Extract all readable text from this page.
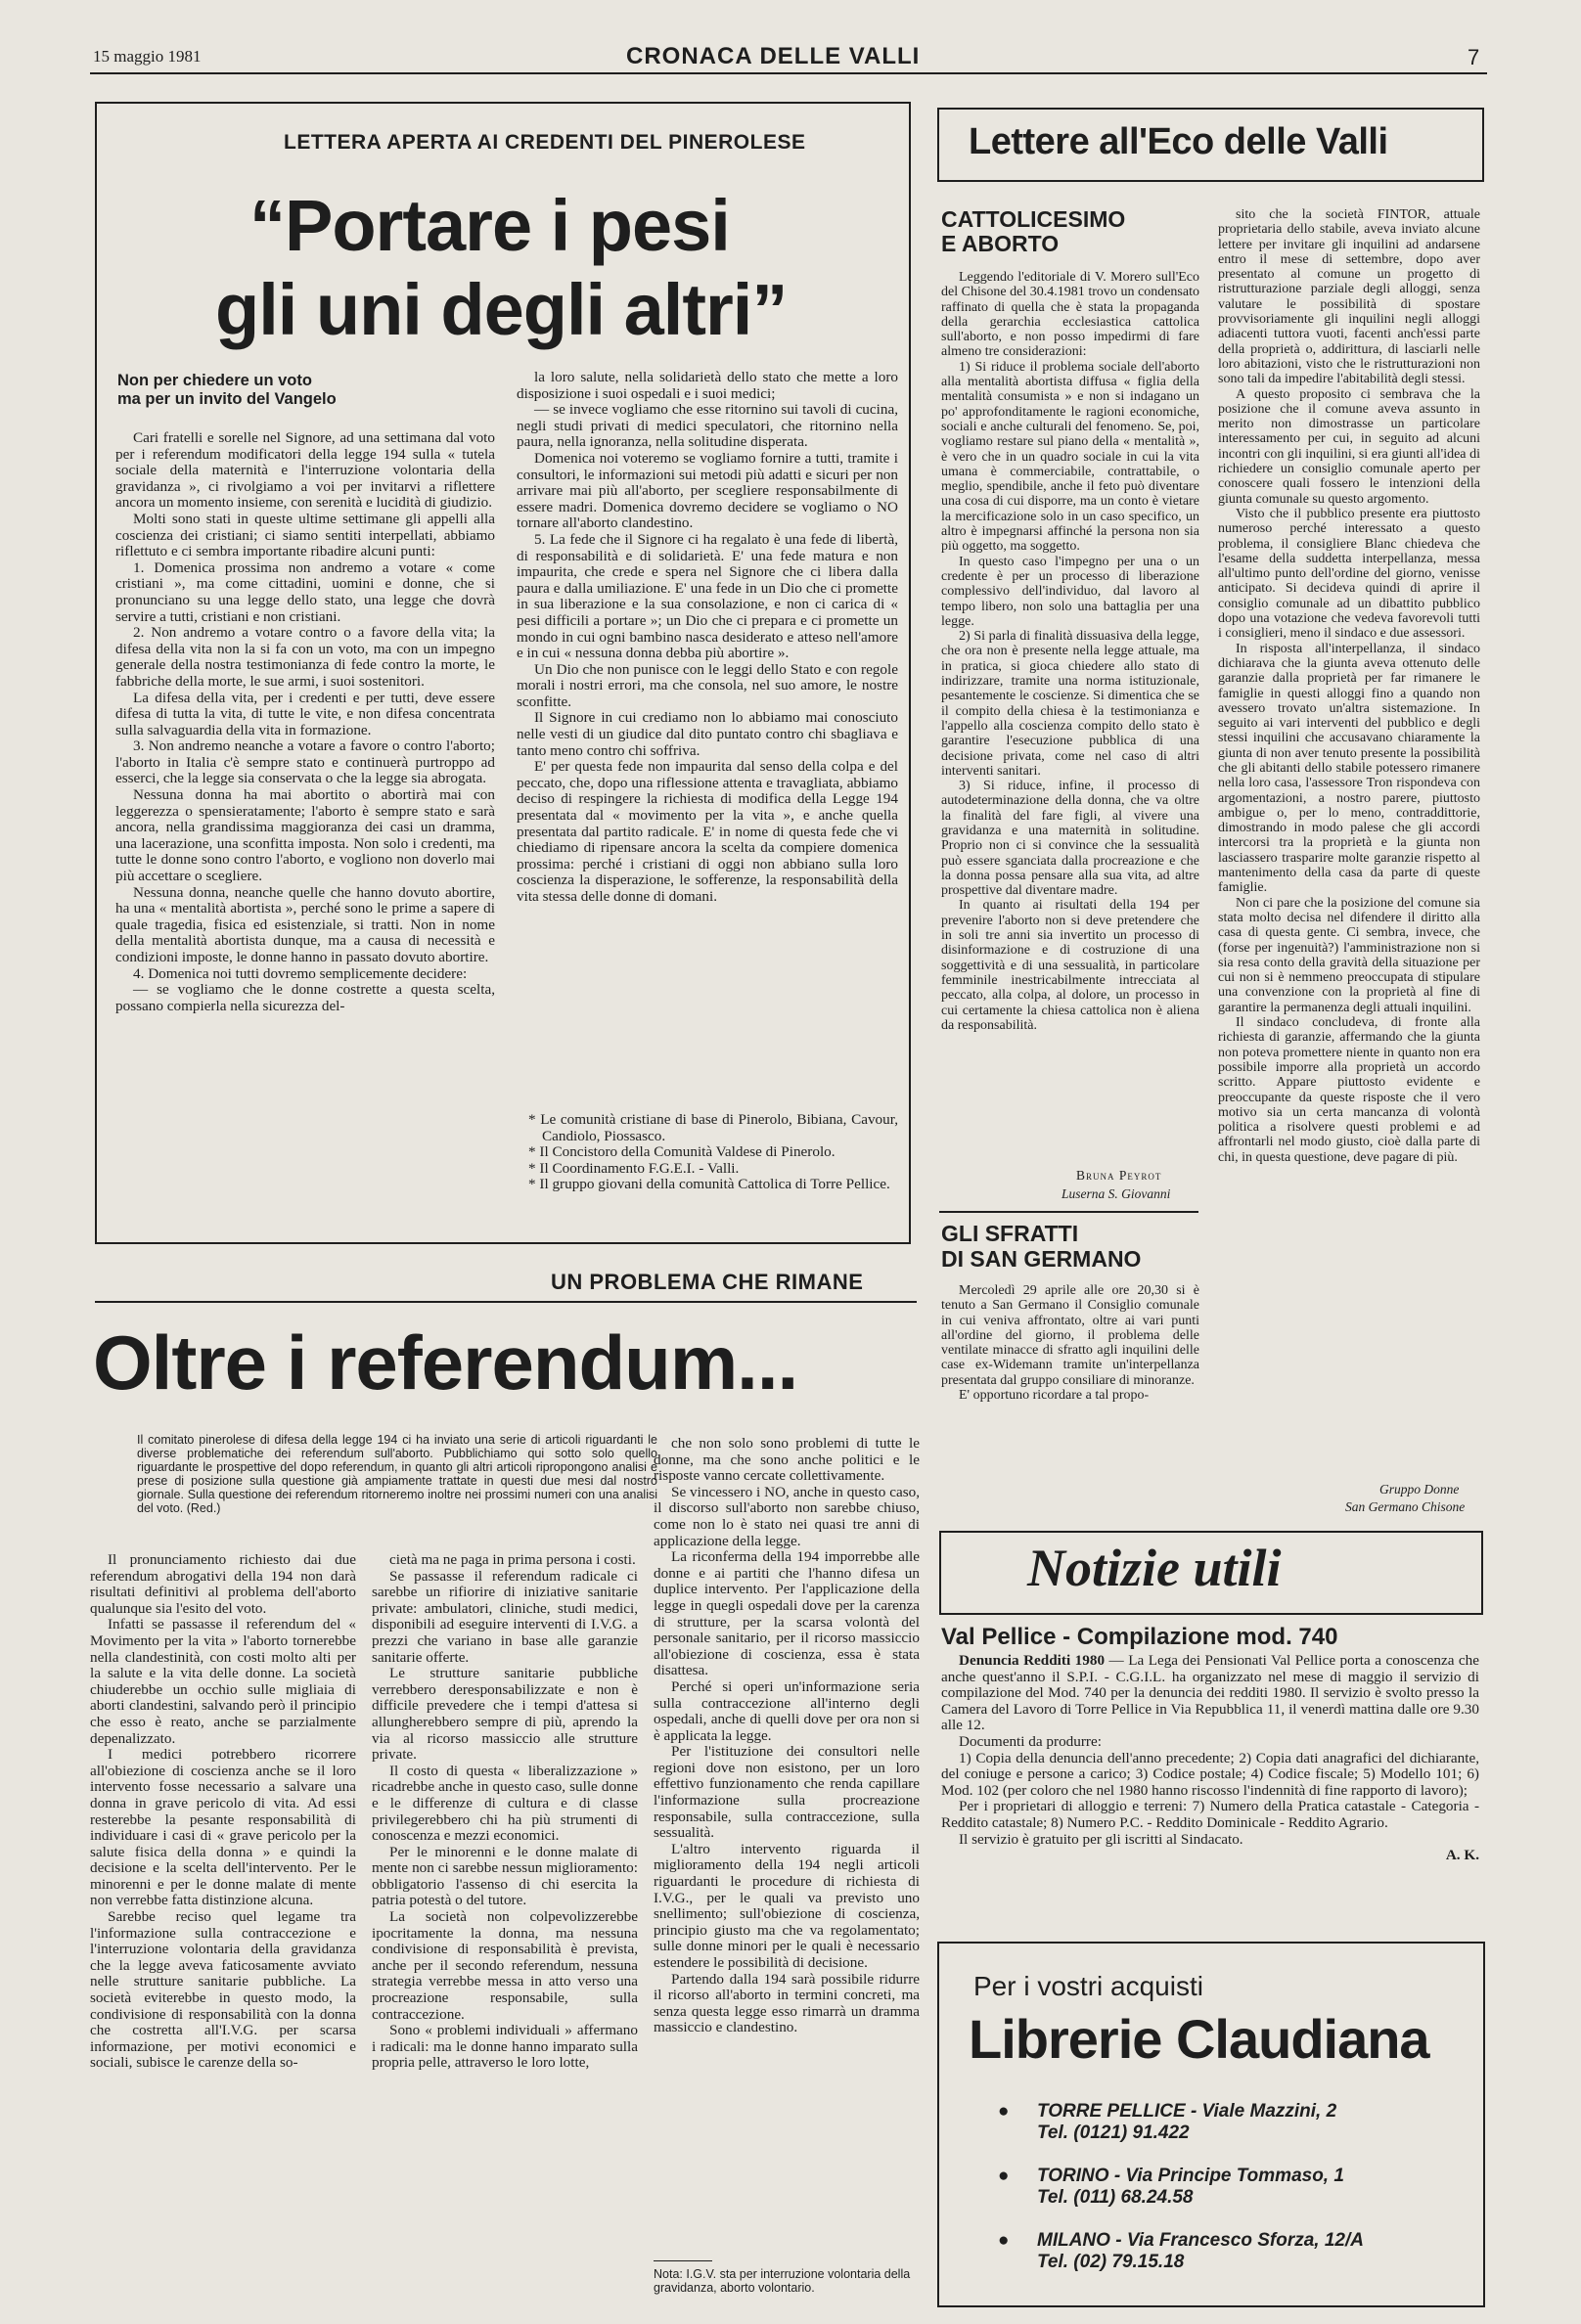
15 maggio 1981	CRONACA DELLE VALLI	7
LETTERA APERTA AI CREDENTI DEL PINEROLESE
“Portare i pesi
gli uni degli altri”
Non per chiedere un voto
ma per un invito del Vangelo

Cari fratelli e sorelle nel Signore, ad una settimana dal voto per i referendum modificatori della legge 194 sulla « tutela sociale della maternità e l'interruzione volontaria della gravidanza », ci rivolgiamo a voi per invitarvi a riflettere ancora un momento insieme, con serenità e lucidità di giudizio.

Molti sono stati in queste ultime settimane gli appelli alla coscienza dei cristiani; ci siamo sentiti interpellati, abbiamo riflettuto e ci sembra importante ribadire alcuni punti:

1. Domenica prossima non andremo a votare « come cristiani », ma come cittadini, uomini e donne, che si pronunciano su una legge dello stato, una legge che dovrà servire a tutti, cristiani e non cristiani.

2. Non andremo a votare contro o a favore della vita; la difesa della vita non la si fa con un voto, ma con un impegno generale della nostra testimonianza di fede contro la morte, le fabbriche della morte, le sue armi, i suoi sostenitori.

La difesa della vita, per i credenti e per tutti, deve essere difesa di tutta la vita, di tutte le vite, e non difesa concentrata sulla salvaguardia della vita in formazione.

3. Non andremo neanche a votare a favore o contro l'aborto; l'aborto in Italia c'è sempre stato e continuerà purtroppo ad esserci, che la legge sia conservata o che la legge sia abrogata.

Nessuna donna ha mai abortito o abortirà mai con leggerezza o spensieratamente; l'aborto è sempre stato e sarà ancora, nella grandissima maggioranza dei casi un dramma, una lacerazione, una sconfitta imposta. Non solo i credenti, ma tutte le donne sono contro l'aborto, e vogliono non doverlo mai più accettare o scegliere.

Nessuna donna, neanche quelle che hanno dovuto abortire, ha una « mentalità abortista », perché sono le prime a sapere di quale tragedia, fisica ed esistenziale, si tratti. Non in nome della mentalità abortista dunque, ma a causa di necessità e condizioni imposte, le donne hanno in passato dovuto abortire.

4. Domenica noi tutti dovremo semplicemente decidere:

— se vogliamo che le donne costrette a questa scelta, possano compierla nella sicurezza del-

la loro salute, nella solidarietà dello stato che mette a loro disposizione i suoi ospedali e i suoi medici;

— se invece vogliamo che esse ritornino sui tavoli di cucina, negli studi privati di medici speculatori, che ritornino nella paura, nella ignoranza, nella solitudine disperata.

Domenica noi voteremo se vogliamo fornire a tutti, tramite i consultori, le informazioni sui metodi più adatti e sicuri per non arrivare mai più all'aborto, per scegliere responsabilmente di essere madri. Domenica dovremo decidere se vogliamo o NO tornare all'aborto clandestino.

5. La fede che il Signore ci ha regalato è una fede di libertà, di responsabilità e di solidarietà. E' una fede matura e non impaurita, che crede e spera nel Signore che ci libera dalla paura e dalla umiliazione. E' una fede in un Dio che ci promette in sua liberazione e la sua consolazione, e non ci carica di « pesi difficili a portare »; un Dio che ci prepara e ci promette un mondo in cui ogni bambino nasca desiderato e atteso nell'amore e in cui « nessuna donna debba più abortire ».

Un Dio che non punisce con le leggi dello Stato e con regole morali i nostri errori, ma che consola, nel suo amore, le nostre sconfitte.

Il Signore in cui crediamo non lo abbiamo mai conosciuto nelle vesti di un giudice dal dito puntato contro chi sbagliava e tanto meno contro chi soffriva.

E' per questa fede non impaurita dal senso della colpa e del peccato, che, dopo una riflessione attenta e travagliata, abbiamo deciso di respingere la richiesta di modifica della Legge 194 presentata dal « movimento per la vita », e anche quella presentata dal partito radicale. E' in nome di questa fede che vi chiediamo di ripensare ancora la scelta da compiere domenica prossima: perché i cristiani di oggi non abbiano sulla loro coscienza la disperazione, le sofferenze, la responsabilità della vita stessa delle donne di domani.

* Le comunità cristiane di base di Pinerolo, Bibiana, Cavour, Candiolo, Piossasco.
* Il Concistoro della Comunità Valdese di Pinerolo.
* Il Coordinamento F.G.E.I. - Valli.
* Il gruppo giovani della comunità Cattolica di Torre Pellice.
Lettere all'Eco delle Valli
CATTOLICESIMO
E ABORTO

Leggendo l'editoriale di V. Morero sull'Eco del Chisone del 30.4.1981 trovo un condensato raffinato di quella che è stata la propaganda della gerarchia ecclesiastica cattolica sull'aborto, e non posso impedirmi di fare almeno tre considerazioni:

1) Si riduce il problema sociale dell'aborto alla mentalità abortista diffusa « figlia della mentalità consumista » e non si indagano un po' approfonditamente le ragioni economiche, sociali e anche culturali del fenomeno. Se, poi, vogliamo restare sul piano della « mentalità », è vero che in un quadro sociale in cui la vita umana è commerciabile, contrattabile, o meglio, spendibile, anche il feto può diventare una cosa di cui disporre, ma un conto è vietare la mercificazione solo in un caso specifico, un altro è impegnarsi affinché la persona non sia più oggetto, ma soggetto.

In questo caso l'impegno per una o un credente è per un processo di liberazione complessivo dell'individuo, dal lavoro al tempo libero, non solo una battaglia per una legge.

2) Si parla di finalità dissuasiva della legge, che ora non è presente nella legge attuale, ma in pratica, si gioca chiedere allo stato di indirizzare, tramite una norma istituzionale, pesantemente le coscienze. Si dimentica che se il compito della chiesa è la testimonianza e l'appello alla coscienza compito dello stato è garantire l'esecuzione pubblica di una decisione privata, come nel caso di altri interventi sanitari.

3) Si riduce, infine, il processo di autodeterminazione della donna, che va oltre la finalità del fare figli, al vivere una gravidanza e una maternità in solitudine. Proprio non ci si convince che la sessualità può essere sganciata dalla procreazione e che la donna possa pensare alla sua vita, ad altre prospettive dal diventare madre.

In quanto ai risultati della 194 per prevenire l'aborto non si deve pretendere che in soli tre anni sia invertito un processo di disinformazione e di costruzione di una soggettività e di una sessualità, in particolare femminile inestricabilmente intrecciata al peccato, alla colpa, al dolore, un processo in cui certamente la chiesa cattolica non è aliena da responsabilità.

Bruna Peyrot
Luserna S. Giovanni

sito che la società FINTOR, attuale proprietaria dello stabile, aveva inviato alcune lettere per invitare gli inquilini ad andarsene entro il mese di settembre, dopo aver presentato al comune un progetto di ristrutturazione parziale degli alloggi, senza valutare le possibilità di spostare provvisoriamente gli inquilini negli alloggi adiacenti tuttora vuoti, facenti anch'essi parte della proprietà o, addirittura, di lasciarli nelle loro abitazioni, visto che le ristrutturazioni non sono tali da impedire l'abitabilità degli stessi.

A questo proposito ci sembrava che la posizione che il comune aveva assunto in merito non dimostrasse un particolare interessamento per cui, in seguito ad alcuni incontri con gli inquilini, si era giunti all'idea di richiedere un consiglio comunale aperto per conoscere quali fossero le intenzioni della giunta comunale su questo argomento.

Visto che il pubblico presente era piuttosto numeroso perché interessato a questo problema, il consigliere Blanc chiedeva che l'esame della suddetta interpellanza, messa all'ultimo punto dell'ordine del giorno, venisse anticipato. Si decideva quindi di aprire il consiglio comunale ad un dibattito pubblico dopo una votazione che vedeva favorevoli tutti i consiglieri, meno il sindaco e due assessori.

In risposta all'interpellanza, il sindaco dichiarava che la giunta aveva ottenuto delle garanzie dalla proprietà per far rimanere le famiglie in questi alloggi fino a quando non avessero trovato un'altra sistemazione. In seguito ai vari interventi del pubblico e degli stessi inquilini che accusavano chiaramente la giunta di non aver tenuto presente la possibilità che gli abitanti dello stabile potessero rimanere nella loro casa, l'assessore Tron rispondeva con argomentazioni, a nostro parere, piuttosto ambigue o, per lo meno, contraddittorie, dimostrando in modo palese che gli accordi intercorsi tra la proprietà e la giunta non lasciassero trasparire molte garanzie rispetto al mantenimento della casa da parte di queste famiglie.

Non ci pare che la posizione del comune sia stata molto decisa nel difendere il diritto alla casa di questa gente. Ci sembra, invece, che (forse per ingenuità?) l'amministrazione non si sia resa conto della gravità della situazione per cui non si è nemmeno preoccupata di stipulare una convenzione con la proprietà al fine di garantire la permanenza degli attuali inquilini.

Il sindaco concludeva, di fronte alla richiesta di garanzie, affermando che la giunta non poteva promettere niente in quanto non era possibile imporre alla proprietà un accordo scritto. Appare piuttosto evidente e preoccupante da queste risposte che il vero motivo sia un certa mancanza di volontà politica a risolvere questi problemi e ad affrontarli nel modo giusto, cioè dalla parte di chi, in questa questione, deve pagare di più.

Gruppo Donne
San Germano Chisone
GLI SFRATTI
DI SAN GERMANO

Mercoledì 29 aprile alle ore 20,30 si è tenuto a San Germano il Consiglio comunale in cui veniva affrontato, oltre ai vari punti all'ordine del giorno, il problema delle ventilate minacce di sfratto agli inquilini delle case ex-Widemann tramite un'interpellanza presentata dal gruppo consiliare di minoranze.

E' opportuno ricordare a tal propo-

UN PROBLEMA CHE RIMANE
Oltre i referendum...
Il comitato pinerolese di difesa della legge 194 ci ha inviato una serie di articoli riguardanti le diverse problematiche dei referendum sull'aborto. Pubblichiamo qui sotto solo quello riguardante le prospettive del dopo referendum, in quanto gli altri articoli ripropongono analisi e prese di posizione sulla questione già ampiamente trattate in questi due mesi dal nostro giornale. Sulla questione dei referendum ritorneremo inoltre nei prossimi numeri con una analisi del voto. (Red.)

Il pronunciamento richiesto dai due referendum abrogativi della 194 non darà risultati definitivi al problema dell'aborto qualunque sia l'esito del voto.

Infatti se passasse il referendum del « Movimento per la vita » l'aborto tornerebbe nella clandestinità, con costi molto alti per la salute e la vita delle donne. La società chiuderebbe un occhio sulle migliaia di aborti clandestini, salvando però il principio che esso è reato, anche se parzialmente depenalizzato.

I medici potrebbero ricorrere all'obiezione di coscienza anche se il loro intervento fosse necessario a salvare una donna in grave pericolo di vita. Ad essi resterebbe la pesante responsabilità di individuare i casi di « grave pericolo per la salute fisica della donna » e quindi la decisione e la scelta dell'intervento. Per le minorenni e per le donne malate di mente non verrebbe fatta distinzione alcuna.

Sarebbe reciso quel legame tra l'informazione sulla contraccezione e l'interruzione volontaria della gravidanza che la legge aveva faticosamente avviato nelle strutture sanitarie pubbliche. La società eviterebbe in questo modo, la condivisione di responsabilità con la donna che costretta all'I.V.G. per scarsa informazione, per motivi economici e sociali, subisce le carenze della so-

cietà ma ne paga in prima persona i costi.

Se passasse il referendum radicale ci sarebbe un rifiorire di iniziative sanitarie private: ambulatori, cliniche, studi medici, disponibili ad eseguire interventi di I.V.G. a prezzi che variano in base alle garanzie sanitarie offerte.

Le strutture sanitarie pubbliche verrebbero deresponsabilizzate e non è difficile prevedere che i tempi d'attesa si allungherebbero sempre di più, aprendo la via al ricorso massiccio alle strutture private.

Il costo di questa « liberalizzazione » ricadrebbe anche in questo caso, sulle donne e le differenze di cultura e di classe privilegerebbero chi ha più strumenti di conoscenza e mezzi economici.

Per le minorenni e le donne malate di mente non ci sarebbe nessun miglioramento: obbligatorio l'assenso di chi esercita la patria potestà o del tutore.

La società non colpevolizzerebbe ipocritamente la donna, ma nessuna condivisione di responsabilità è prevista, anche per il secondo referendum, nessuna strategia verrebbe messa in atto verso una procreazione responsabile, sulla contraccezione.

Sono « problemi individuali » affermano i radicali: ma le donne hanno imparato sulla propria pelle, attraverso le loro lotte,

che non solo sono problemi di tutte le donne, ma che sono anche politici e le risposte vanno cercate collettivamente.

Se vincessero i NO, anche in questo caso, il discorso sull'aborto non sarebbe chiuso, come non lo è stato nei quasi tre anni di applicazione della legge.

La riconferma della 194 imporrebbe alle donne e ai partiti che l'hanno difesa un duplice intervento. Per l'applicazione della legge in quegli ospedali dove per la carenza di strutture, per la scarsa volontà del personale sanitario, per il ricorso massiccio all'obiezione di coscienza, essa è stata disattesa.

Perché si operi un'informazione seria sulla contraccezione all'interno degli ospedali, anche di quelli dove per ora non si è applicata la legge.

Per l'istituzione dei consultori nelle regioni dove non esistono, per un loro effettivo funzionamento che renda capillare l'informazione sulla procreazione responsabile, sulla contraccezione, sulla sessualità.

L'altro intervento riguarda il miglioramento della 194 negli articoli riguardanti le procedure di richiesta di I.V.G., per le quali va previsto uno snellimento; sull'obiezione di coscienza, principio giusto ma che va regolamentato; sulle donne minori per le quali è necessario estendere le possibilità di decisione.

Partendo dalla 194 sarà possibile ridurre il ricorso all'aborto in termini concreti, ma senza questa legge esso rimarrà un dramma massiccio e clandestino.

Nota: I.G.V. sta per interruzione volontaria della gravidanza, aborto volontario.
Notizie utili
Val Pellice - Compilazione mod. 740

Denuncia Redditi 1980 — La Lega dei Pensionati Val Pellice porta a conoscenza che anche quest'anno il S.P.I. - C.G.I.L. ha organizzato nel mese di maggio il servizio di compilazione del Mod. 740 per la denuncia dei redditi 1980. Il servizio è svolto presso la Camera del Lavoro di Torre Pellice in Via Repubblica 11, il venerdì mattina dalle ore 9.30 alle 12.

Documenti da produrre:

1) Copia della denuncia dell'anno precedente; 2) Copia dati anagrafici del dichiarante, del coniuge e persone a carico; 3) Codice postale; 4) Codice fiscale; 5) Modello 101; 6) Mod. 102 (per coloro che nel 1980 hanno riscosso l'indennità di fine rapporto di lavoro);

Per i proprietari di alloggio e terreni: 7) Numero della Pratica catastale - Categoria - Reddito catastale; 8) Numero P.C. - Reddito Dominicale - Reddito Agrario.

Il servizio è gratuito per gli iscritti al Sindacato.

A. K.
Per i vostri acquisti
Librerie Claudiana
● TORRE PELLICE - Viale Mazzini, 2
Tel. (0121) 91.422
● TORINO - Via Principe Tommaso, 1
Tel. (011) 68.24.58
● MILANO - Via Francesco Sforza, 12/A
Tel. (02) 79.15.18
